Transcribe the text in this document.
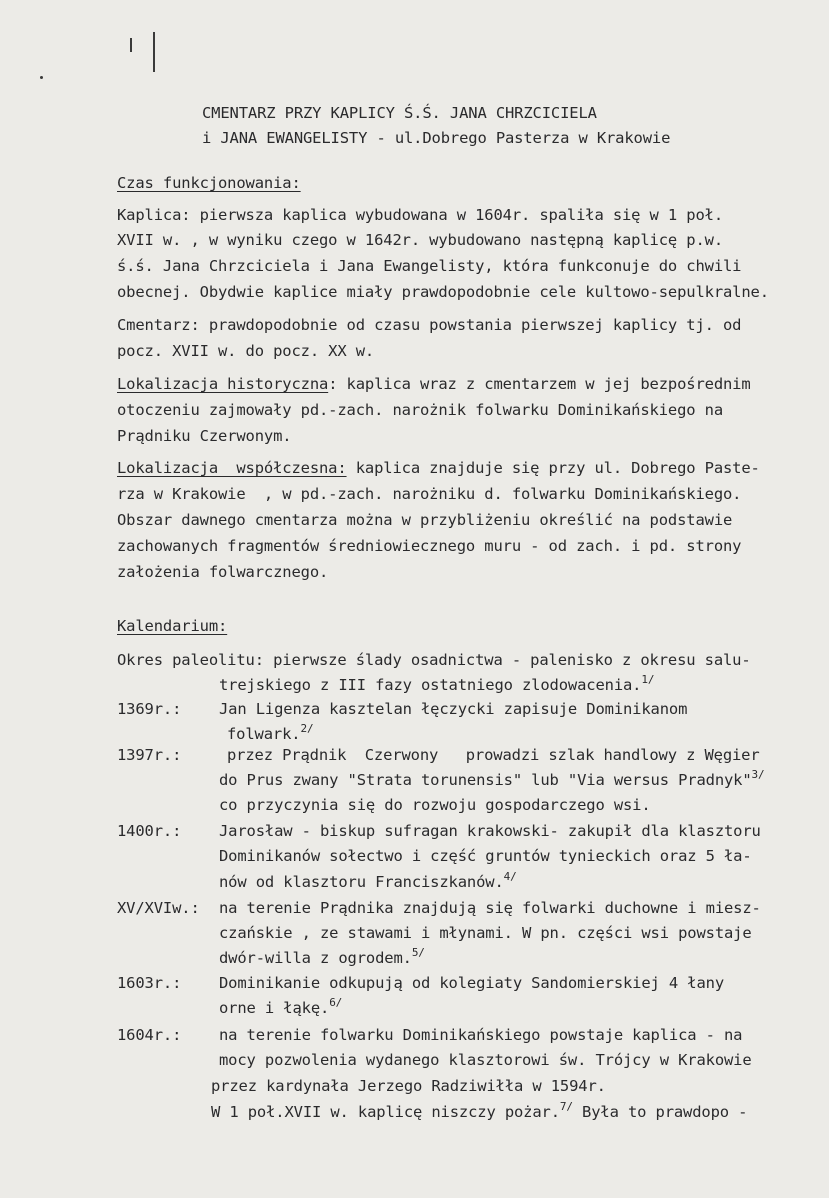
CMENTARZ PRZY KAPLICY Ś.Ś. JANA CHRZCICIELA
i JANA EWANGELISTY - ul.Dobrego Pasterza w Krakowie
Czas funkcjonowania:
Kaplica: pierwsza kaplica wybudowana w 1604r. spaliła się w 1 poł.
XVII w. , w wyniku czego w 1642r. wybudowano następną kaplicę p.w.
ś.ś. Jana Chrzciciela i Jana Ewangelisty, która funkconuje do chwili
obecnej. Obydwie kaplice miały prawdopodobnie cele kultowo-sepulkralne.
Cmentarz: prawdopodobnie od czasu powstania pierwszej kaplicy tj. od
pocz. XVII w. do pocz. XX w.
Lokalizacja historyczna: kaplica wraz z cmentarzem w jej bezpośrednim
otoczeniu zajmowały pd.-zach. narożnik folwarku Dominikańskiego na
Prądniku Czerwonym.
Lokalizacja  współczesna: kaplica znajduje się przy ul. Dobrego Paste-
rza w Krakowie  , w pd.-zach. narożniku d. folwarku Dominikańskiego.
Obszar dawnego cmentarza można w przybliżeniu określić na podstawie
zachowanych fragmentów średniowiecznego muru - od zach. i pd. strony
założenia folwarcznego.
Kalendarium:
Okres paleolitu: pierwsze ślady osadnictwa - palenisko z okresu salu-
trejskiego z III fazy ostatniego zlodowacenia.$^{1/}$
1369r.: Jan Ligenza kasztelan łęczycki zapisuje Dominikanom
folwark.$^{2/}$
1397r.:	przez Prądnik  Czerwony   prowadzi szlak handlowy z Węgier
do Prus zwany "Strata torunensis" lub "Via wersus Pradnyk"$^{3/}$
co przyczynia się do rozwoju gospodarczego wsi.
1400r.: Jarosław - biskup sufragan krakowski- zakupił dla klasztoru
Dominikanów sołectwo i część gruntów tynieckich oraz 5 ła-
nów od klasztoru Franciszkanów.$^{4/}$
XV/XVIw.: na terenie Prądnika znajdują się folwarki duchowne i miesz-
czańskie , ze stawami i młynami. W pn. części wsi powstaje
dwór-willa z ogrodem.$^{5/}$
1603r.: Dominikanie odkupują od kolegiaty Sandomierskiej 4 łany
orne i łąkę.$^{6/}$
1604r.: na terenie folwarku Dominikańskiego powstaje kaplica - na
mocy pozwolenia wydanego klasztorowi św. Trójcy w Krakowie
przez kardynała Jerzego Radziwiłła w 1594r.
W 1 poł.XVII w. kaplicę niszczy pożar.$^{7/}$ Była to prawdopo -
